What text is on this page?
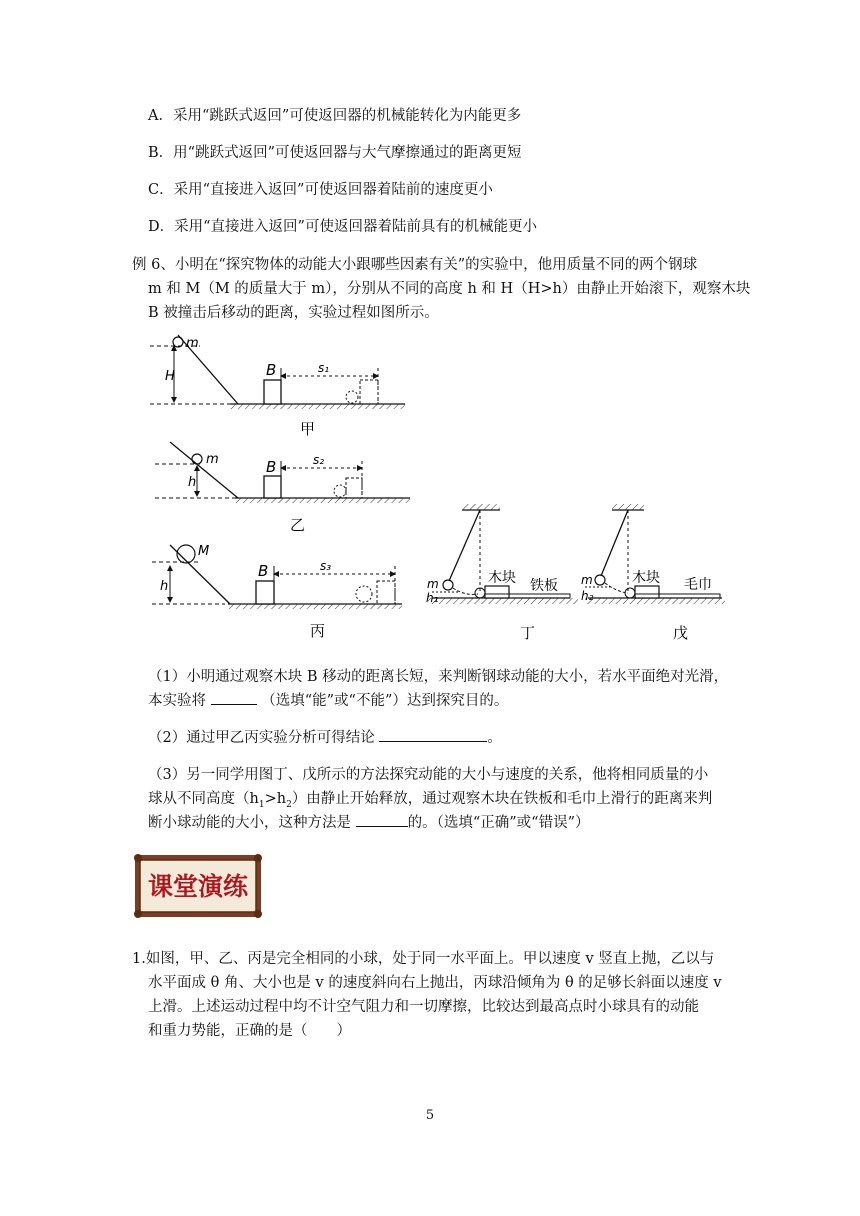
A．采用“跳跃式返回”可使返回器的机械能转化为内能更多
B．用“跳跃式返回”可使返回器与大气摩擦通过的距离更短
C．采用“直接进入返回”可使返回器着陆前的速度更小
D．采用“直接进入返回”可使返回器着陆前具有的机械能更小
例 6、小明在“探究物体的动能大小跟哪些因素有关”的实验中，他用质量不同的两个钢球
m 和 M（M 的质量大于 m），分别从不同的高度 h 和 H（H>h）由静止开始滚下，观察木块
B 被撞击后移动的距离，实验过程如图所示。
m
H	B	s₁
甲
m
h
B	s₂
乙
M
h
B	s₃
丙
m
h₁
木块 铁板
丁
m
h₂
木块 毛巾
戊
（1）小明通过观察木块 B 移动的距离长短，来判断钢球动能的大小，若水平面绝对光滑，
本实验将	（选填“能”或“不能”）达到探究目的。
（2）通过甲乙丙实验分析可得结论	。
（3）另一同学用图丁、戊所示的方法探究动能的大小与速度的关系，他将相同质量的小
球从不同高度$(h_1>h_2)$由静止开始释放，通过观察木块在铁板和毛巾上滑行的距离来判
断小球动能的大小，这种方法是	的。（选填“正确”或“错误”）
课堂演练
1.如图，甲、乙、丙是完全相同的小球，处于同一水平面上。甲以速度 v 竖直上抛，乙以与
水平面成 θ 角、大小也是 v 的速度斜向右上抛出，丙球沿倾角为 θ 的足够长斜面以速度 v
上滑。上述运动过程中均不计空气阻力和一切摩擦，比较达到最高点时小球具有的动能
和重力势能，正确的是（　　）
5
